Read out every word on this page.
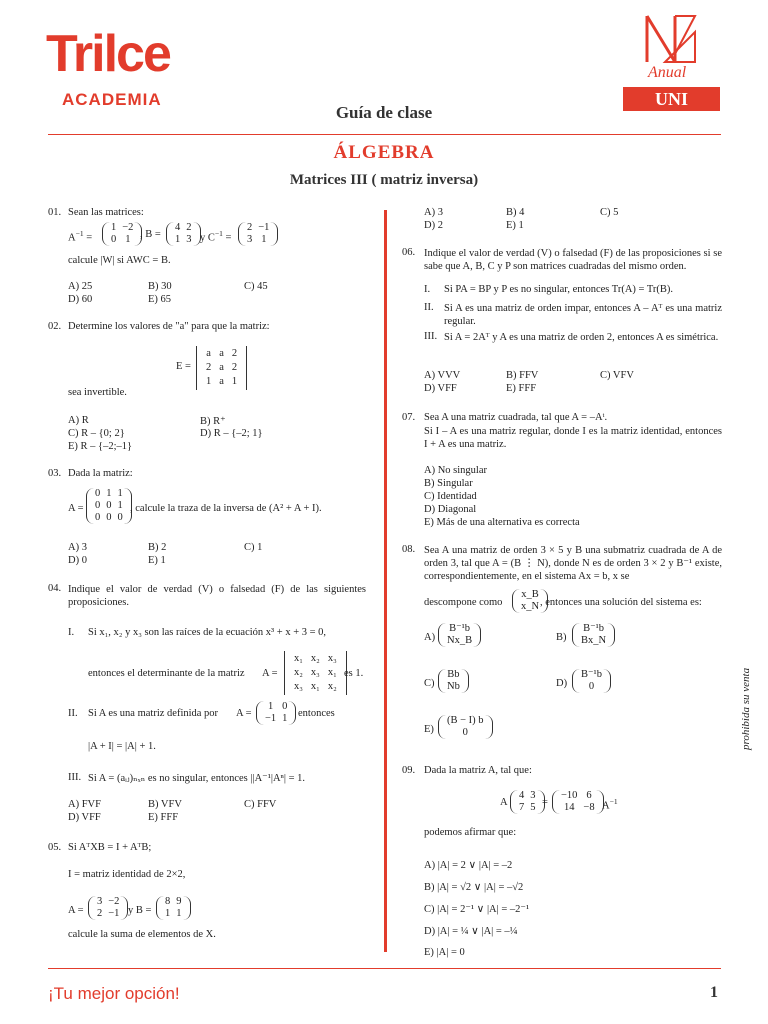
Trilce
ACADEMIA
Anual
UNI
Guía de clase
ÁLGEBRA
Matrices III ( matriz inversa)
01. Sean las matrices:
$A^{-1}$ =
1	−2
0	1 , B =
4	2
1	3 y $C^{-1}$ =
2	−1
3	1
calcule |W| si AWC = B.
A) 25	B) 30	C) 45
D) 60	E) 65
02. Determine los valores de "a" para que la matriz:
E =
a	a	2
2	a	2
1	a	1
sea invertible.
A) R	B) R⁺
C) R – {0; 2}	D) R – {–2; 1}
E) R – {–2;–1}
03. Dada la matriz:
A =
0	1	1
0	0	1
0	0	0
, calcule la traza de la inversa de (A² + A + I).
A) 3	B) 2	C) 1
D) 0	E) 1
04. Indique el valor de verdad (V) o falsedad (F) de las siguientes proposiciones.
I. Si x₁, x₂ y x₃ son las raíces de la ecuación x³ + x + 3 = 0,
entonces el determinante de la matriz A =
x₁	x₂	x₃
x₂	x₃	x₁
x₃	x₁	x₂
es 1.
II. Si A es una matriz definida por A =
1	0
−1	1 entonces
|A + I| = |A| + 1.
III. Si A = (aᵢⱼ)ₙₓₙ es no singular, entonces ||A⁻¹|Aⁿ| = 1.
A) FVF	B) VFV	C) FFV
D) VFF	E) FFF
05. Si AᵀXB = I + AᵀB;
I = matriz identidad de 2×2,
A =
3	−2
2	−1 y B =
8	9
1	1
calcule la suma de elementos de X.
A) 3	B) 4	C) 5
D) 2	E) 1
06. Indique el valor de verdad (V) o falsedad (F) de las proposiciones si se sabe que A, B, C y P son matrices cuadradas del mismo orden.
I. Si PA = BP y P es no singular, entonces Tr(A) = Tr(B).
II. Si A es una matriz de orden impar, entonces A – Aᵀ es una matriz regular.
III. Si A = 2Aᵀ y A es una matriz de orden 2, entonces A es simétrica.
A) VVV	B) FFV	C) VFV
D) VFF	E) FFF
07. Sea A una matriz cuadrada, tal que A = –Aᵗ.
Si I – A es una matriz regular, donde I es la matriz identidad, entonces I + A es una matriz.
A) No singular
B) Singular
C) Identidad
D) Diagonal
E) Más de una alternativa es correcta
08. Sea A una matriz de orden 3 × 5 y B una submatriz cuadrada de A de orden 3, tal que A = (B ⋮ N), donde N es de orden 3 × 2 y B⁻¹ existe, correspondientemente, en el sistema Ax = b, x se
descompone como
x_B
x_N , entonces una solución del sistema es:
A)
B⁻¹b
Nx_B	B)
B⁻¹b
Bx_N
C)
Bb
Nb	D)
B⁻¹b
0
E)
(B − I) b
0
09. Dada la matriz A, tal que:
A
4	3
7	5 =
−10	6
14	−8 $A^{-1}$
podemos afirmar que:
A) |A| = 2 ∨ |A| = –2
B) |A| = √2 ∨ |A| = –√2
C) |A| = 2⁻¹ ∨ |A| = –2⁻¹
D) |A| = ¼ ∨ |A| = –¼
E) |A| = 0
prohibida su venta
¡Tu mejor opción!	1
